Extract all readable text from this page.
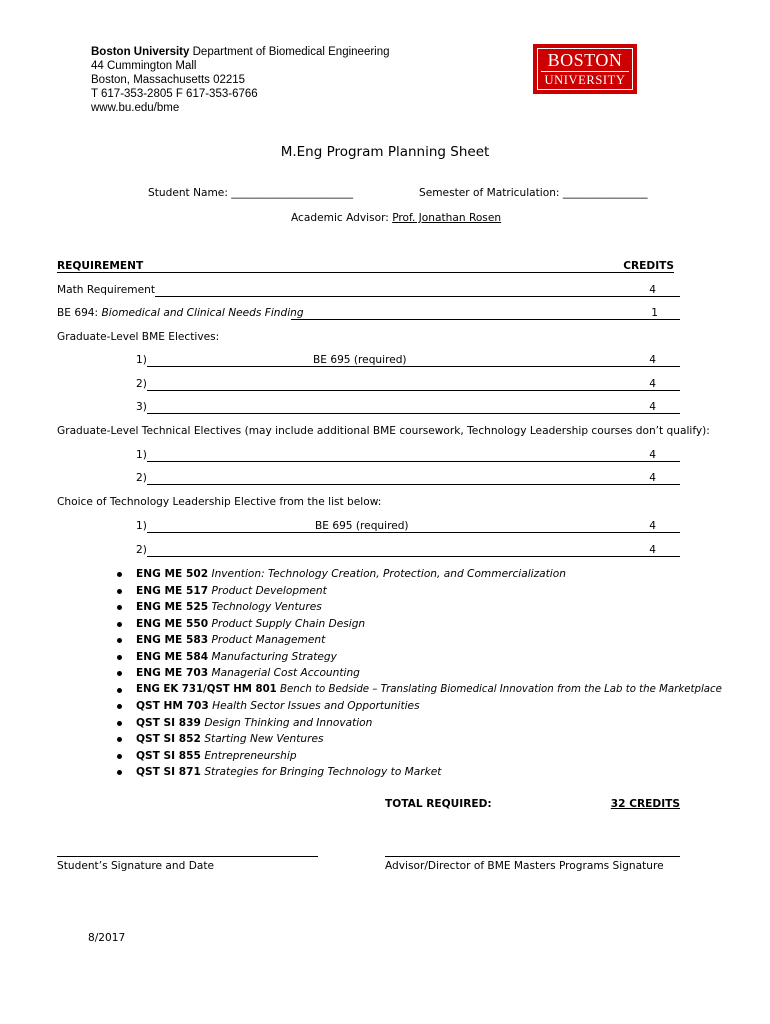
Boston University Department of Biomedical Engineering
44 Cummington Mall
Boston, Massachusetts 02215
T 617-353-2805 F 617-353-6766
www.bu.edu/bme
BOSTON
UNIVERSITY
M.Eng Program Planning Sheet
Student Name: _______________________	Semester of Matriculation: ________________
Academic Advisor: Prof. Jonathan Rosen
REQUIREMENT	CREDITS
Math Requirement	4
BE 694: Biomedical and Clinical Needs Finding	1
Graduate-Level BME Electives:
1)	BE 695 (required)	4
2)	4
3)	4
Graduate-Level Technical Electives (may include additional BME coursework, Technology Leadership courses don’t qualify):
1)	4
2)	4
Choice of Technology Leadership Elective from the list below:
1)	BE 695 (required)	4
2)	4
ENG ME 502 Invention: Technology Creation, Protection, and Commercialization
ENG ME 517 Product Development
ENG ME 525 Technology Ventures
ENG ME 550 Product Supply Chain Design
ENG ME 583 Product Management
ENG ME 584 Manufacturing Strategy
ENG ME 703 Managerial Cost Accounting
ENG EK 731/QST HM 801 Bench to Bedside – Translating Biomedical Innovation from the Lab to the Marketplace
QST HM 703 Health Sector Issues and Opportunities
QST SI 839 Design Thinking and Innovation
QST SI 852 Starting New Ventures
QST SI 855 Entrepreneurship
QST SI 871 Strategies for Bringing Technology to Market
TOTAL REQUIRED:	32 CREDITS
Student’s Signature and Date	Advisor/Director of BME Masters Programs Signature
8/2017
